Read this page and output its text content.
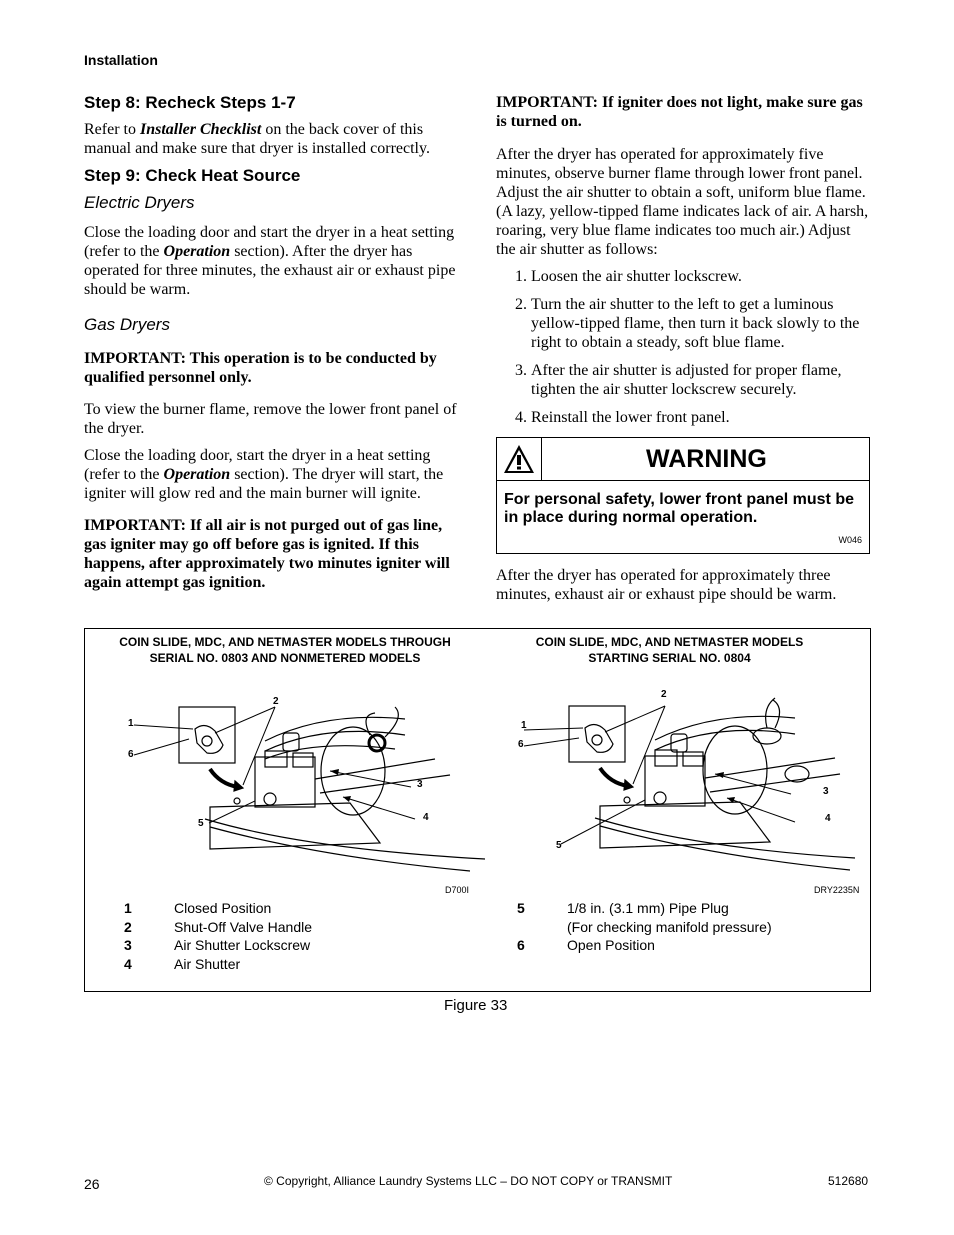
Installation
Step 8: Recheck Steps 1-7

Refer to Installer Checklist on the back cover of this manual and make sure that dryer is installed correctly.

Step 9: Check Heat Source
Electric Dryers

Close the loading door and start the dryer in a heat setting (refer to the Operation section). After the dryer has operated for three minutes, the exhaust air or exhaust pipe should be warm.

Gas Dryers

IMPORTANT: This operation is to be conducted by qualified personnel only.

To view the burner flame, remove the lower front panel of the dryer.

Close the loading door, start the dryer in a heat setting (refer to the Operation section). The dryer will start, the igniter will glow red and the main burner will ignite.

IMPORTANT: If all air is not purged out of gas line, gas igniter may go off before gas is ignited. If this happens, after approximately two minutes igniter will again attempt gas ignition.

IMPORTANT: If igniter does not light, make sure gas is turned on.

After the dryer has operated for approximately five minutes, observe burner flame through lower front panel. Adjust the air shutter to obtain a soft, uniform blue flame. (A lazy, yellow-tipped flame indicates lack of air. A harsh, roaring, very blue flame indicates too much air.) Adjust the air shutter as follows:

1. Loosen the air shutter lockscrew.
2. Turn the air shutter to the left to get a luminous yellow-tipped flame, then turn it back slowly to the right to obtain a steady, soft blue flame.
3. After the air shutter is adjusted for proper flame, tighten the air shutter lockscrew securely.
4. Reinstall the lower front panel.
WARNING
For personal safety, lower front panel must be in place during normal operation.
W046

After the dryer has operated for approximately three minutes, exhaust air or exhaust pipe should be warm.

COIN SLIDE, MDC, AND NETMASTER MODELS THROUGH
SERIAL NO. 0803 AND NONMETERED MODELS
COIN SLIDE, MDC, AND NETMASTER MODELS
STARTING SERIAL NO. 0804
1
2
3
4
5
6
1
2
3
4
5
6
D700I	DRY2235N
1	Closed Position
2	Shut-Off Valve Handle
3	Air Shutter Lockscrew
4	Air Shutter
5	1/8 in. (3.1 mm) Pipe Plug
(For checking manifold pressure)
6	Open Position
Figure 33
26	© Copyright, Alliance Laundry Systems LLC – DO NOT COPY or TRANSMIT	512680
